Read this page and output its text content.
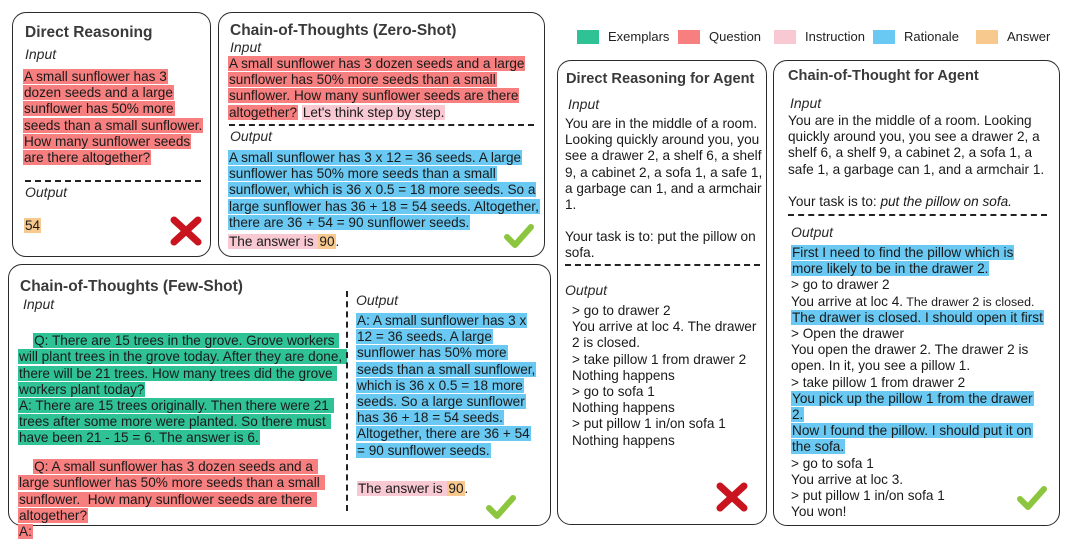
Exemplars	Question	Instruction	Rationale	Answer
Direct Reasoning
Input
A small sunflower has 3 dozen seeds and a large sunflower has 50% more seeds than a small sunflower. How many sunflower seeds are there altogether?
Output
54
Chain-of-Thoughts (Zero-Shot)
Input
A small sunflower has 3 dozen seeds and a large sunflower has 50% more seeds than a small sunflower. How many sunflower seeds are there altogether? Let's think step by step.
Output
A small sunflower has 3 x 12 = 36 seeds. A large sunflower has 50% more seeds than a small sunflower, which is 36 x 0.5 = 18 more seeds. So a large sunflower has 36 + 18 = 54 seeds. Altogether, there are 36 + 54 = 90 sunflower seeds.
The answer is 90.
Chain-of-Thoughts (Few-Shot)
Input

Q: There are 15 trees in the grove. Grove workers will plant trees in the grove today. After they are done, there will be 21 trees. How many trees did the grove workers plant today?
A: There are 15 trees originally. Then there were 21 trees after some more were planted. So there must have been 21 - 15 = 6. The answer is 6.

Q: A small sunflower has 3 dozen seeds and a large sunflower has 50% more seeds than a small sunflower.  How many sunflower seeds are there altogether?
A:

Output
A: A small sunflower has 3 x 12 = 36 seeds. A large sunflower has 50% more seeds than a small sunflower, which is 36 x 0.5 = 18 more seeds. So a large sunflower has 36 + 18 = 54 seeds. Altogether, there are 36 + 54 = 90 sunflower seeds.
The answer is 90.
Direct Reasoning for Agent
Input
You are in the middle of a room. Looking quickly around you, you see a drawer 2, a shelf 6, a shelf 9, a cabinet 2, a sofa 1, a safe 1, a garbage can 1, and a armchair 1.
Your task is to: put the pillow on sofa.
Output
> go to drawer 2
You arrive at loc 4. The drawer 2 is closed.
> take pillow 1 from drawer 2
Nothing happens
> go to sofa 1
Nothing happens
> put pillow 1 in/on sofa 1
Nothing happens
Chain-of-Thought for Agent
Input
You are in the middle of a room. Looking quickly around you, you see a drawer 2, a shelf 6, a shelf 9, a cabinet 2, a sofa 1, a safe 1, a garbage can 1, and a armchair 1.
Your task is to: put the pillow on sofa.
Output
First I need to find the pillow which is more likely to be in the drawer 2.
> go to drawer 2
You arrive at loc 4. The drawer 2 is closed.
The drawer is closed. I should open it first
> Open the drawer
You open the drawer 2. The drawer 2 is open. In it, you see a pillow 1.
> take pillow 1 from drawer 2
You pick up the pillow 1 from the drawer 2.
Now I found the pillow. I should put it on the sofa.
> go to sofa 1
You arrive at loc 3.
> put pillow 1 in/on sofa 1
You won!
